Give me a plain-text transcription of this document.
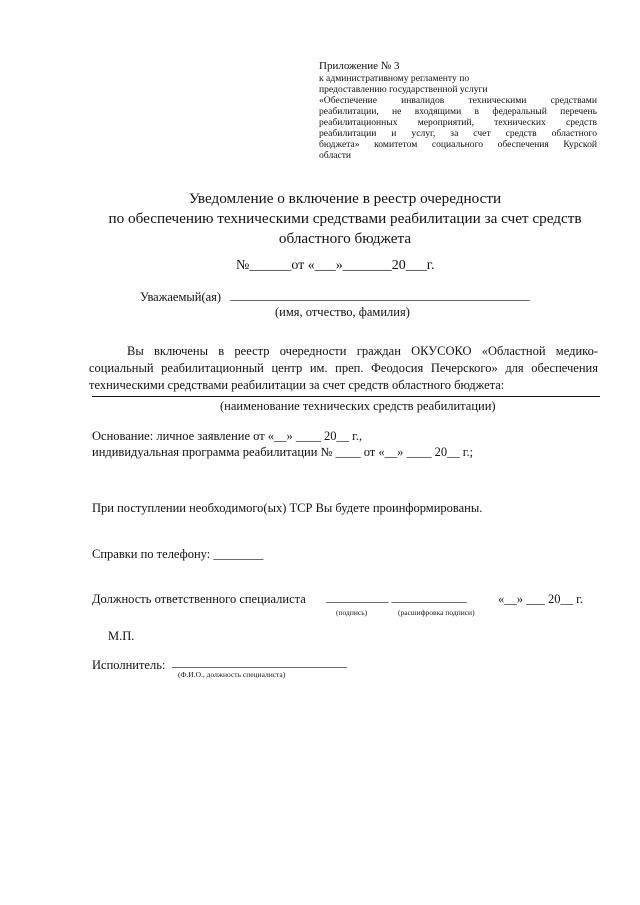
Приложение № 3
к административному регламенту по
предоставлению государственной услуги
«Обеспечение инвалидов техническими средствами
реабилитации, не входящими в федеральный перечень
реабилитационных мероприятий, технических средств
реабилитации и услуг, за счет средств областного
бюджета» комитетом социального обеспечения Курской
области
Уведомление о включение в реестр очередности
по обеспечению техническими средствами реабилитации за счет средств
областного бюджета
№______от «___»_______20___г.
Уважаемый(ая) ________________________________________________
(имя, отчество, фамилия)
Вы включены в реестр очередности граждан ОКУСОКО «Областной медико-
социальный реабилитационный центр им. преп. Феодосия Печерского» для обеспечения
техническими средствами реабилитации за счет средств областного бюджета:
(наименование технических средств реабилитации)
Основание: личное заявление от «__» ____ 20__ г.,
индивидуальная программа реабилитации № ____ от «__» ____ 20__ г.;
При поступлении необходимого(ых) ТСР Вы будете проинформированы.
Справки по телефону: ________
Должность ответственного специалиста __________ ____________	«__» ___ 20__ г.
(подпись)	(расшифровка подписи)
М.П.
Исполнитель: ____________________________
(Ф.И.О., должность специалиста)
